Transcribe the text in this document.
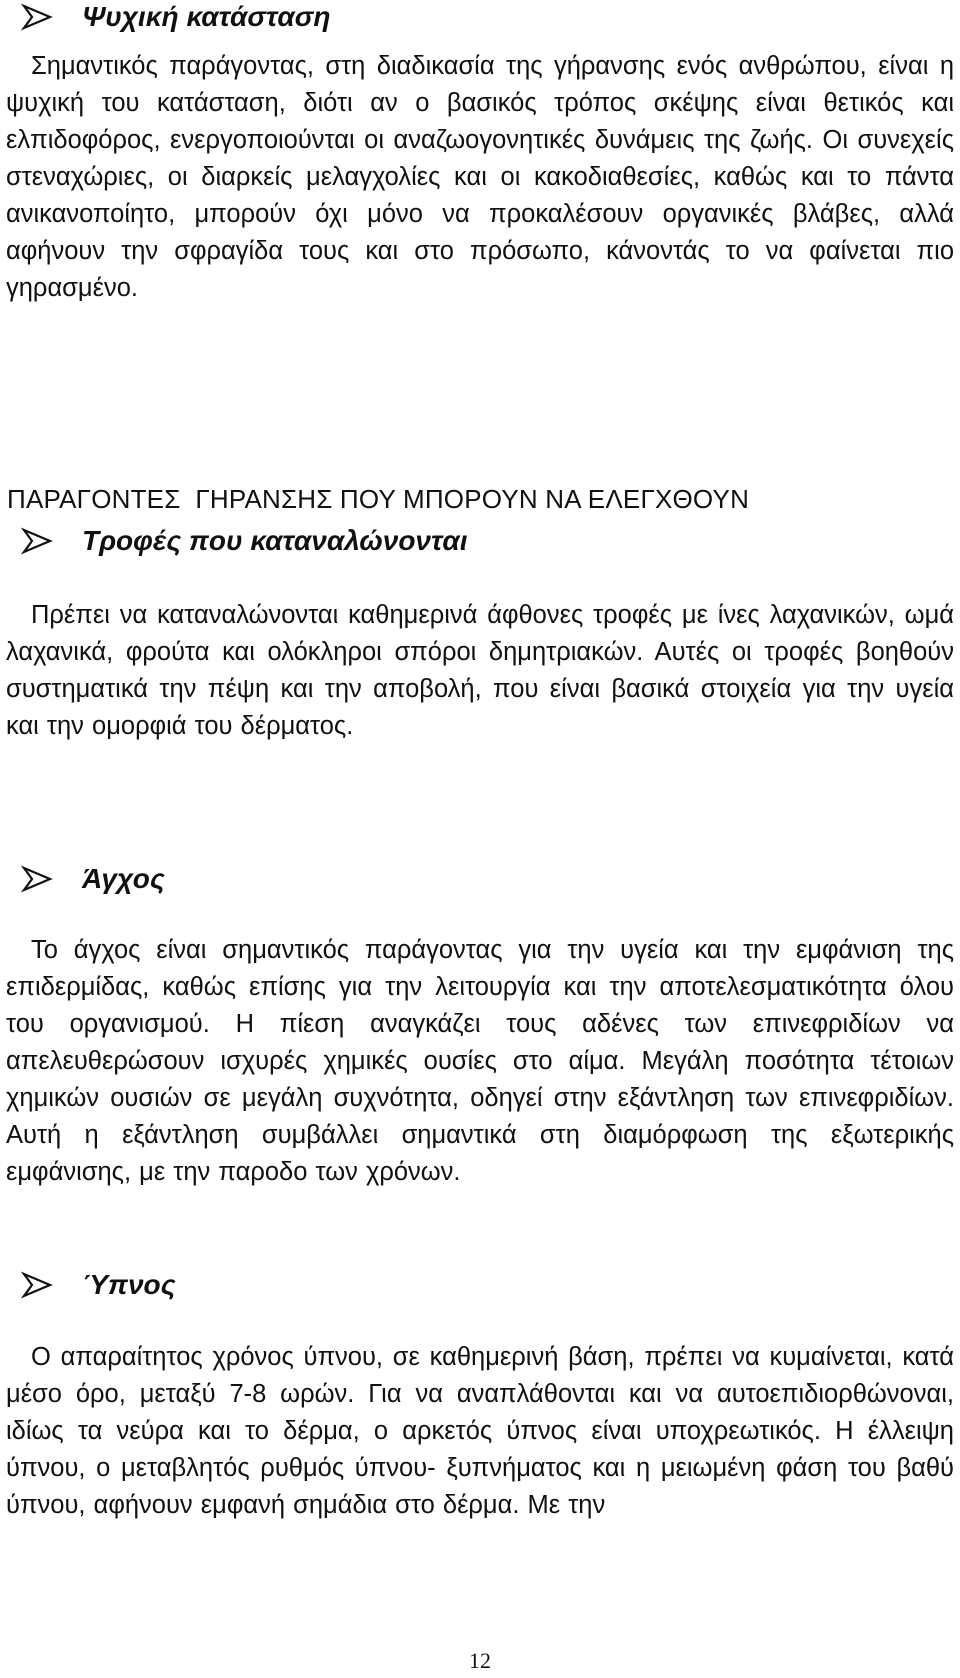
Ψυχική κατάσταση

Σημαντικός παράγοντας, στη διαδικασία της γήρανσης ενός ανθρώπου, είναι η ψυχική του κατάσταση, διότι αν ο βασικός τρόπος σκέψης είναι θετικός και ελπιδοφόρος, ενεργοποιούνται οι αναζωογονητικές δυνάμεις της ζωής. Οι συνεχείς στεναχώριες, οι διαρκείς μελαγχολίες και οι κακοδιαθεσίες, καθώς και το πάντα ανικανοποίητο, μπορούν όχι μόνο να προκαλέσουν οργανικές βλάβες, αλλά αφήνουν την σφραγίδα τους και στο πρόσωπο, κάνοντάς το να φαίνεται πιο γηρασμένο.

ΠΑΡΑΓΟΝΤΕΣ  ΓΗΡΑΝΣΗΣ ΠΟΥ ΜΠΟΡΟΥΝ ΝΑ ΕΛΕΓΧΘΟΥΝ
Τροφές που καταναλώνονται

Πρέπει να καταναλώνονται καθημερινά άφθονες τροφές με ίνες λαχανικών, ωμά λαχανικά, φρούτα και ολόκληροι σπόροι δημητριακών. Αυτές οι τροφές βοηθούν συστηματικά την πέψη και την αποβολή, που είναι βασικά στοιχεία για την υγεία και την ομορφιά του δέρματος.

Άγχος

Το άγχος είναι σημαντικός παράγοντας για την υγεία και την εμφάνιση της επιδερμίδας, καθώς επίσης για την λειτουργία και την αποτελεσματικότητα όλου του οργανισμού. Η πίεση αναγκάζει τους αδένες των επινεφριδίων να απελευθερώσουν ισχυρές χημικές ουσίες στο αίμα. Μεγάλη ποσότητα τέτοιων χημικών ουσιών σε μεγάλη συχνότητα, οδηγεί στην εξάντληση των επινεφριδίων. Αυτή η εξάντληση συμβάλλει σημαντικά στη διαμόρφωση της εξωτερικής εμφάνισης, με την παροδο των χρόνων.

Ύπνος

Ο απαραίτητος χρόνος ύπνου, σε καθημερινή βάση, πρέπει να κυμαίνεται, κατά μέσο όρο, μεταξύ 7-8 ωρών. Για να αναπλάθονται και να αυτοεπιδιορθώνοναι, ιδίως τα νεύρα και το δέρμα, ο αρκετός ύπνος είναι υποχρεωτικός. Η έλλειψη ύπνου, ο μεταβλητός ρυθμός ύπνου- ξυπνήματος και η μειωμένη φάση του βαθύ ύπνου, αφήνουν εμφανή σημάδια στο δέρμα. Με την

12
